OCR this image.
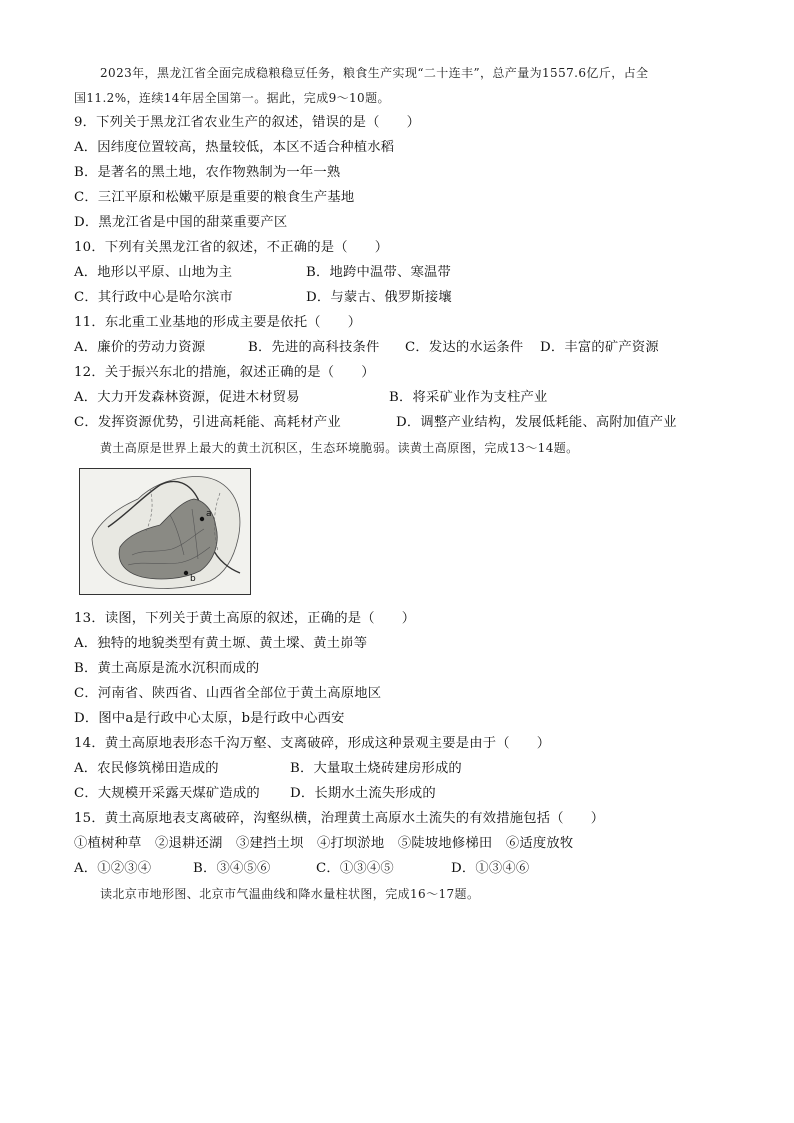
2023年，黑龙江省全面完成稳粮稳豆任务，粮食生产实现“二十连丰”，总产量为1557.6亿斤，占全
国11.2%，连续14年居全国第一。据此，完成9～10题。
9．下列关于黑龙江省农业生产的叙述，错误的是（　　）
A．因纬度位置较高，热量较低，本区不适合种植水稻
B．是著名的黑土地，农作物熟制为一年一熟
C．三江平原和松嫩平原是重要的粮食生产基地
D．黑龙江省是中国的甜菜重要产区
10．下列有关黑龙江省的叙述，不正确的是（　　）
A．地形以平原、山地为主	B．地跨中温带、寒温带
C．其行政中心是哈尔滨市	D．与蒙古、俄罗斯接壤
11．东北重工业基地的形成主要是依托（　　）
A．廉价的劳动力资源	B．先进的高科技条件 C．发达的水运条件 D．丰富的矿产资源
12．关于振兴东北的措施，叙述正确的是（　　）
A．大力开发森林资源，促进木材贸易	B．将采矿业作为支柱产业
C．发挥资源优势，引进高耗能、高耗材产业	D．调整产业结构，发展低耗能、高附加值产业
黄土高原是世界上最大的黄土沉积区，生态环境脆弱。读黄土高原图，完成13～14题。
a
b
13．读图，下列关于黄土高原的叙述，正确的是（　　）
A．独特的地貌类型有黄土塬、黄土墚、黄土峁等
B．黄土高原是流水沉积而成的
C．河南省、陕西省、山西省全部位于黄土高原地区
D．图中a是行政中心太原，b是行政中心西安
14．黄土高原地表形态千沟万壑、支离破碎，形成这种景观主要是由于（　　）
A．农民修筑梯田造成的	B．大量取土烧砖建房形成的
C．大规模开采露天煤矿造成的 D．长期水土流失形成的
15．黄土高原地表支离破碎，沟壑纵横，治理黄土高原水土流失的有效措施包括（　　）
①植树种草　②退耕还湖　③建挡土坝　④打坝淤地　⑤陡坡地修梯田　⑥适度放牧
A．①②③④	B．③④⑤⑥	C．①③④⑤	D．①③④⑥
读北京市地形图、北京市气温曲线和降水量柱状图，完成16～17题。
